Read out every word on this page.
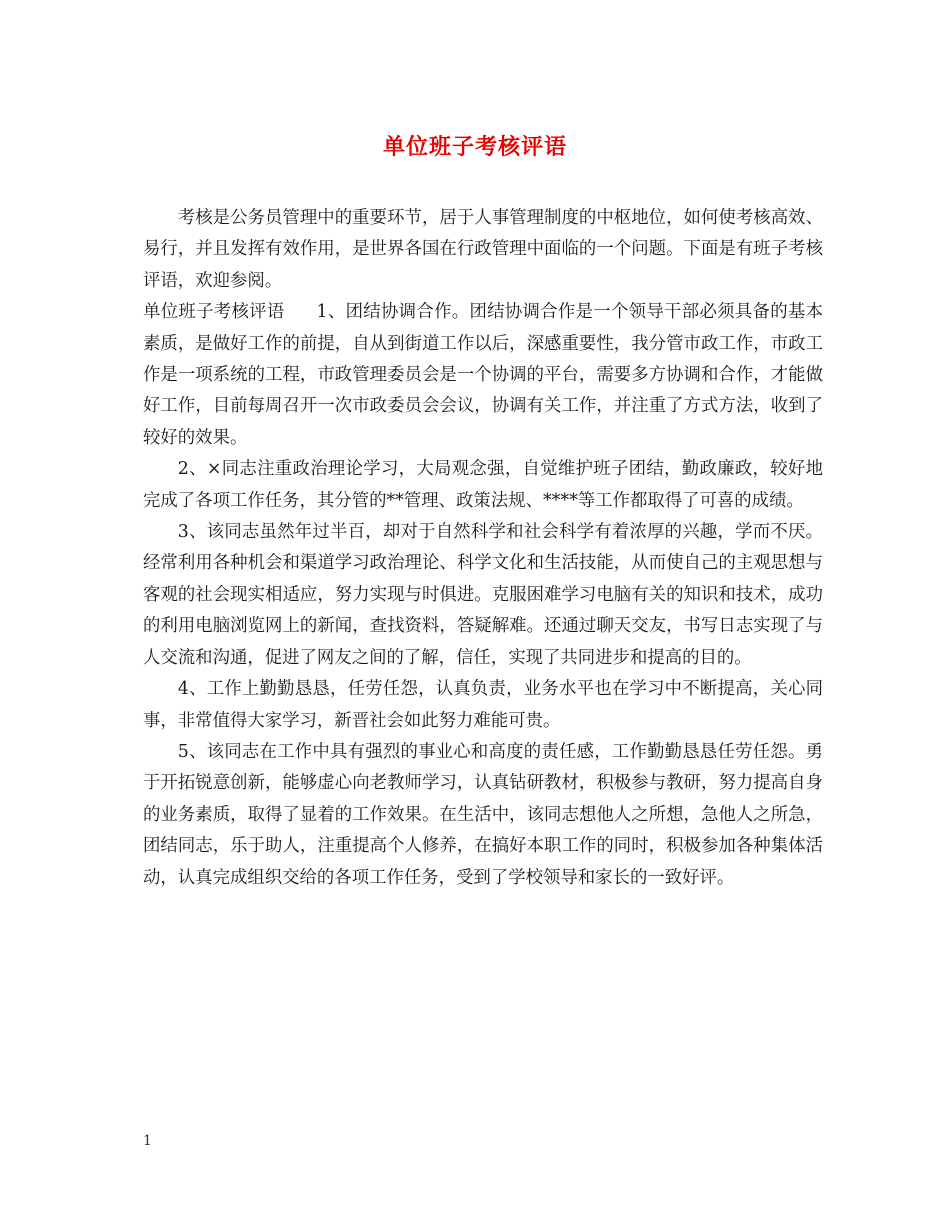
单位班子考核评语

考核是公务员管理中的重要环节，居于人事管理制度的中枢地位，如何使考核高效、易行，并且发挥有效作用，是世界各国在行政管理中面临的一个问题。下面是有班子考核评语，欢迎参阅。

单位班子考核评语 1、团结协调合作。团结协调合作是一个领导干部必须具备的基本素质，是做好工作的前提，自从到街道工作以后，深感重要性，我分管市政工作，市政工作是一项系统的工程，市政管理委员会是一个协调的平台，需要多方协调和合作，才能做好工作，目前每周召开一次市政委员会会议，协调有关工作，并注重了方式方法，收到了较好的效果。

2、×同志注重政治理论学习，大局观念强，自觉维护班子团结，勤政廉政，较好地完成了各项工作任务，其分管的**管理、政策法规、****等工作都取得了可喜的成绩。

3、该同志虽然年过半百，却对于自然科学和社会科学有着浓厚的兴趣，学而不厌。经常利用各种机会和渠道学习政治理论、科学文化和生活技能，从而使自己的主观思想与客观的社会现实相适应，努力实现与时俱进。克服困难学习电脑有关的知识和技术，成功的利用电脑浏览网上的新闻，查找资料，答疑解难。还通过聊天交友，书写日志实现了与人交流和沟通，促进了网友之间的了解，信任，实现了共同进步和提高的目的。

4、工作上勤勤恳恳，任劳任怨，认真负责，业务水平也在学习中不断提高，关心同事，非常值得大家学习，新晋社会如此努力难能可贵。

5、该同志在工作中具有强烈的事业心和高度的责任感，工作勤勤恳恳任劳任怨。勇于开拓锐意创新，能够虚心向老教师学习，认真钻研教材，积极参与教研，努力提高自身的业务素质，取得了显着的工作效果。在生活中，该同志想他人之所想，急他人之所急，团结同志，乐于助人，注重提高个人修养，在搞好本职工作的同时，积极参加各种集体活动，认真完成组织交给的各项工作任务，受到了学校领导和家长的一致好评。

1
